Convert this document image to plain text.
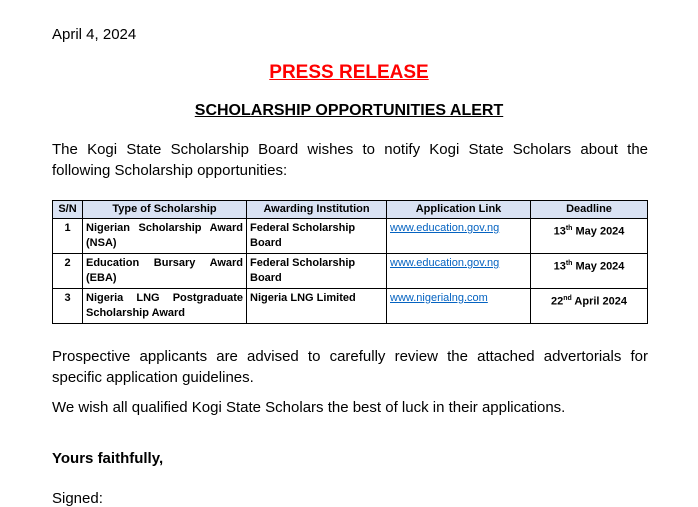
April 4, 2024
PRESS RELEASE
SCHOLARSHIP OPPORTUNITIES ALERT
The Kogi State Scholarship Board wishes to notify Kogi State Scholars about the following Scholarship opportunities:
S/N	Type of Scholarship	Awarding Institution	Application Link	Deadline
1	Nigerian Scholarship Award (NSA)	Federal Scholarship Board	www.education.gov.ng	13th May 2024
2	Education Bursary Award (EBA)	Federal Scholarship Board	www.education.gov.ng	13th May 2024
3	Nigeria LNG Postgraduate Scholarship Award	Nigeria LNG Limited	www.nigerialng.com	22nd April 2024
Prospective applicants are advised to carefully review the attached advertorials for specific application guidelines.
We wish all qualified Kogi State Scholars the best of luck in their applications.
Yours faithfully,
Signed:
